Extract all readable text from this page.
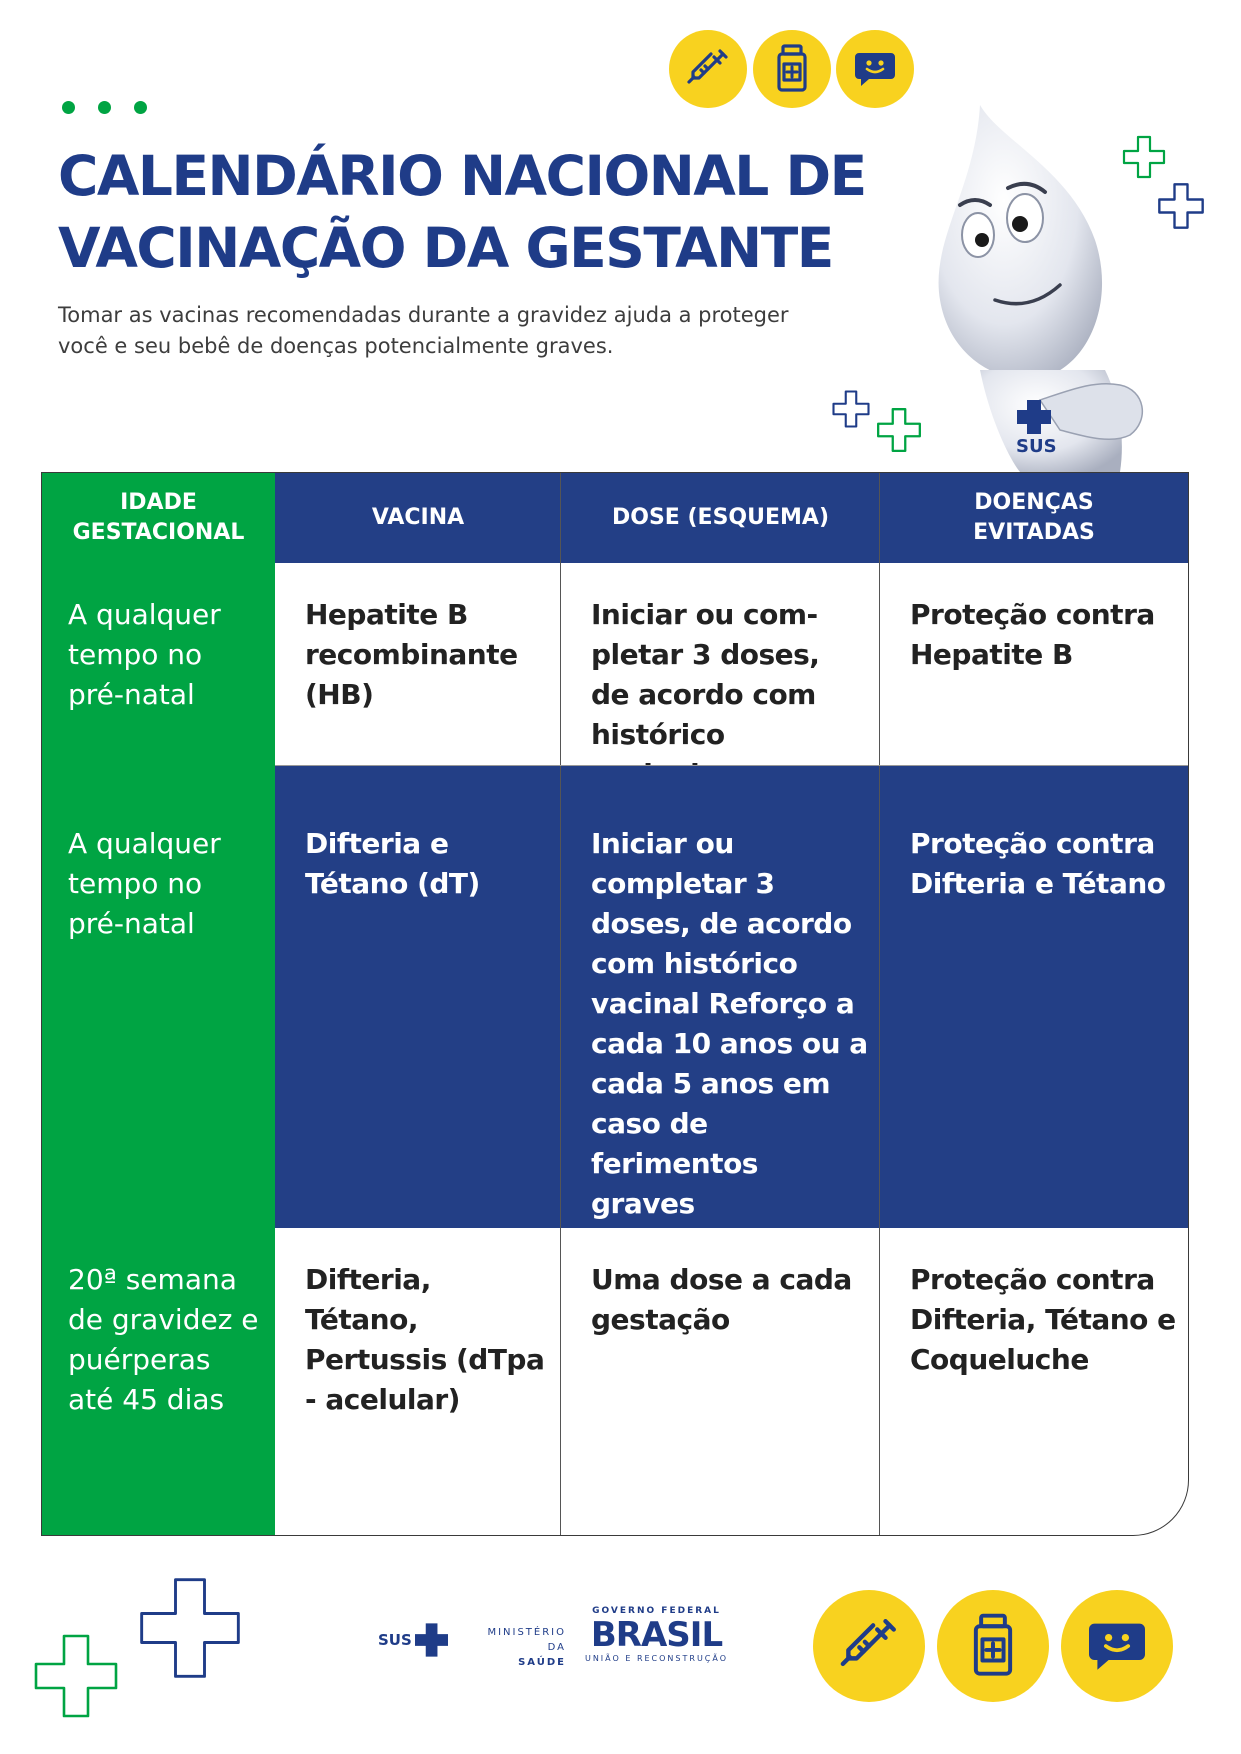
CALENDÁRIO NACIONAL DE
VACINAÇÃO DA GESTANTE

Tomar as vacinas recomendadas durante a gravidez ajuda a proteger você e seu bebê de doenças potencialmente graves.

SUS
IDADE GESTACIONAL
VACINA	DOSE (ESQUEMA)
DOENÇAS EVITADAS
A qualquer tempo no pré-natal
Hepatite B recombinante (HB)
Iniciar ou com-pletar 3 doses, de acordo com histórico
Proteção contra Hepatite B
A qualquer tempo no pré-natal
Difteria e Tétano (dT)
Iniciar ou completar 3 doses, de acordo com histórico vacinal Reforço a cada 10 anos ou a cada 5 anos em caso de ferimentos graves
Proteção contra Difteria e Tétano
20ª semana de gravidez e puérperas até 45 dias
Difteria, Tétano, Pertussis (dTpa - acelular)
Uma dose a cada gestação
Proteção contra Difteria, Tétano e Coqueluche
SUS	MINISTÉRIO DA
SAÚDE
GOVERNO FEDERAL
BRASIL
UNIÃO E RECONSTRUÇÃO
